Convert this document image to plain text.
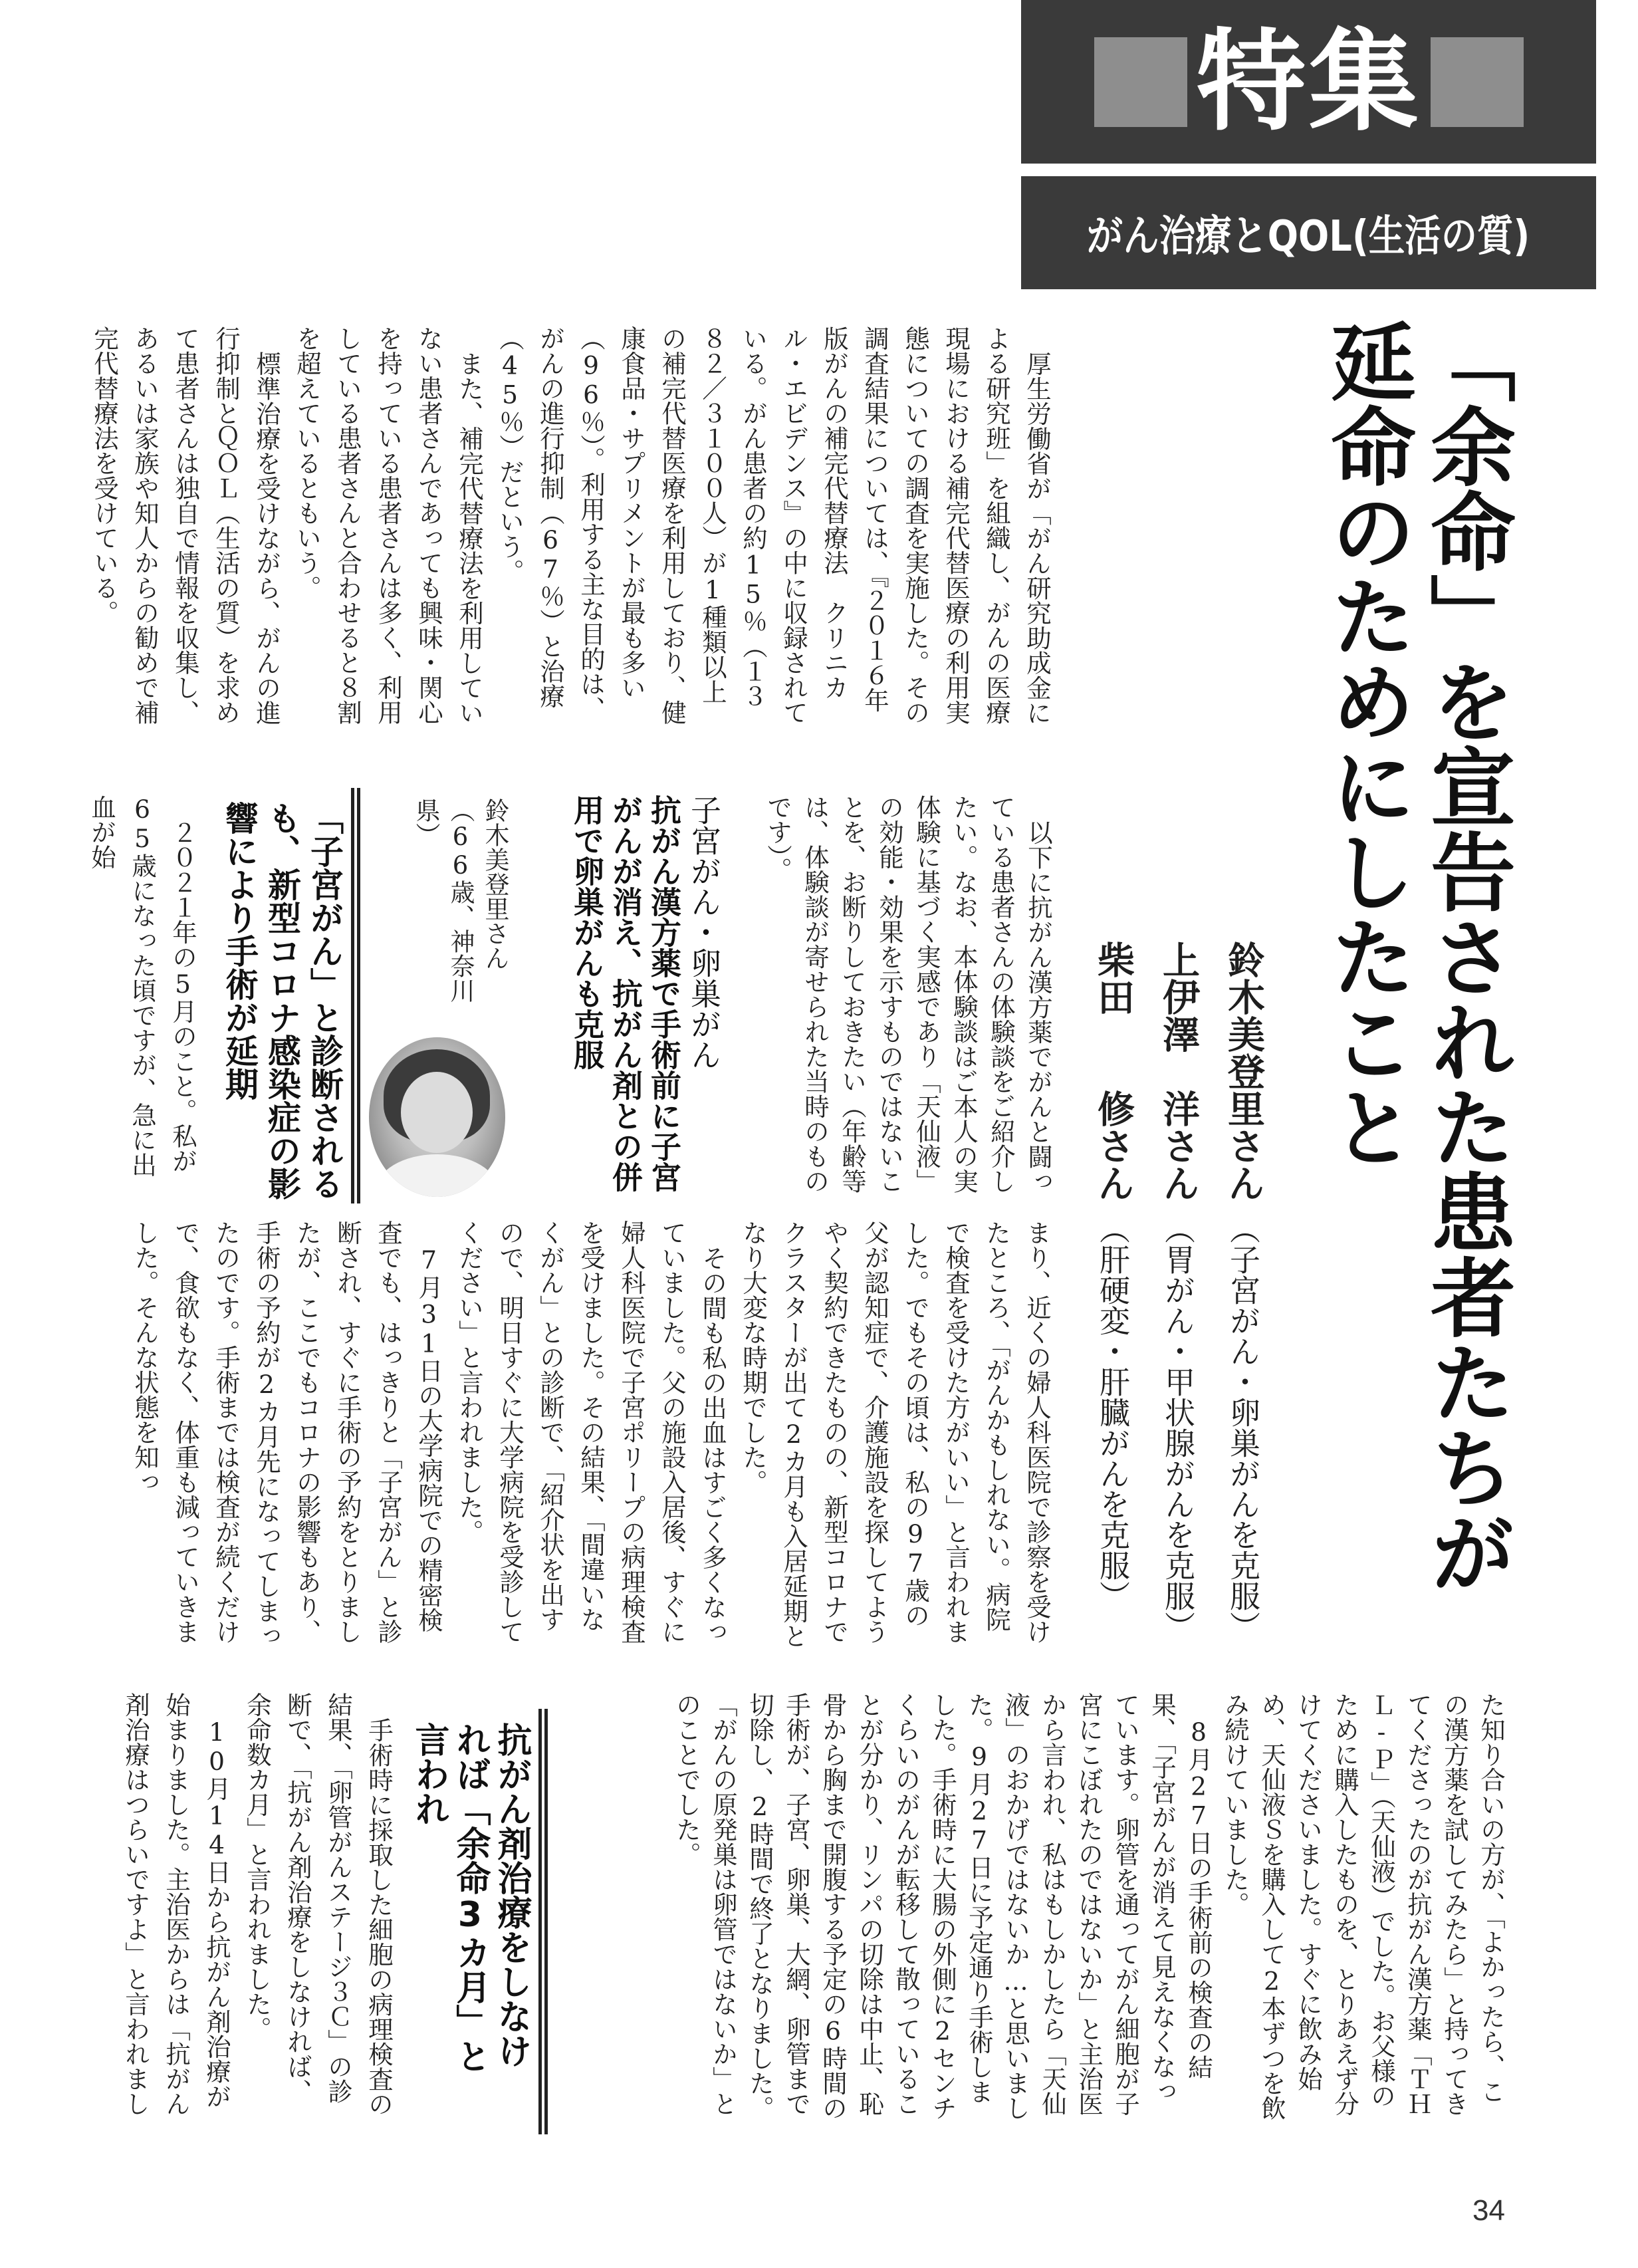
特集
がん治療とQOL(生活の質)
「余命」を宣告された患者たちが
延命のためにしたこと
鈴木美登里さん
（子宮がん・卵巣がんを克服）
上伊澤　洋さん
（胃がん・甲状腺がんを克服）
柴田　　修さん
（肝硬変・肝臓がんを克服）

厚生労働省が「がん研究助成金による研究班」を組織し、がんの医療現場における補完代替医療の利用実態についての調査を実施した。その調査結果については、『２０１６年版がんの補完代替療法　クリニカル・エビデンス』の中に収録されている。がん患者の約15％（１３８２／３１００人）が1種類以上の補完代替医療を利用しており、健康食品・サプリメントが最も多い（96％）。利用する主な目的は、がんの進行抑制（67％）と治療（45％）だという。

また、補完代替療法を利用していない患者さんであっても興味・関心を持っている患者さんは多く、利用している患者さんと合わせると８割を超えているともいう。

標準治療を受けながら、がんの進行抑制とＱＯＬ（生活の質）を求めて患者さんは独自で情報を収集し、あるいは家族や知人からの勧めで補完代替療法を受けている。

以下に抗がん漢方薬でがんと闘っている患者さんの体験談をご紹介したい。なお、本体験談はご本人の実体験に基づく実感であり「天仙液」の効能・効果を示すものではないことを、お断りしておきたい（年齢等は、体験談が寄せられた当時のものです）。

子宮がん・卵巣がん
抗がん漢方薬で手術前に子宮がんが消え、抗がん剤との併用で卵巣がんも克服

鈴木美登里さん

（66歳、神奈川県）

「子宮がん」と診断されるも、新型コロナ感染症の影響により手術が延期

２０２１年の5月のこと。私が65歳になった頃ですが、急に出血が始

まり、近くの婦人科医院で診察を受けたところ、「がんかもしれない。病院で検査を受けた方がいい」と言われました。でもその頃は、私の97歳の父が認知症で、介護施設を探してようやく契約できたものの、新型コロナでクラスターが出て2カ月も入居延期となり大変な時期でした。

その間も私の出血はすごく多くなっていました。父の施設入居後、すぐに婦人科医院で子宮ポリープの病理検査を受けました。その結果、「間違いなくがん」との診断で、「紹介状を出すので、明日すぐに大学病院を受診してください」と言われました。

7月31日の大学病院での精密検査でも、はっきりと「子宮がん」と診断され、すぐに手術の予約をとりましたが、ここでもコロナの影響もあり、手術の予約が2カ月先になってしまったのです。手術までは検査が続くだけで、食欲もなく、体重も減っていきました。そんな状態を知っ

た知り合いの方が、「よかったら、この漢方薬を試してみたら」と持ってきてくださったのが抗がん漢方薬「ＴＨＬ‐Ｐ」（天仙液）でした。お父様のために購入したものを、とりあえず分けてくださいました。すぐに飲み始め、天仙液Ｓを購入して2本ずつを飲み続けていました。

8月27日の手術前の検査の結果、「子宮がんが消えて見えなくなっています。卵管を通ってがん細胞が子宮にこぼれたのではないか」と主治医から言われ、私はもしかしたら「天仙液」のおかげではないか…と思いました。9月27日に予定通り手術しました。手術時に大腸の外側に2センチくらいのがんが転移して散っていることが分かり、リンパの切除は中止、恥骨から胸まで開腹する予定の6時間の手術が、子宮、卵巣、大網、卵管まで切除し、2時間で終了となりました。「がんの原発巣は卵管ではないか」とのことでした。

抗がん剤治療をしなければ「余命3カ月」と言われ

手術時に採取した細胞の病理検査の結果、「卵管がんステージ３Ｃ」の診断で、「抗がん剤治療をしなければ、余命数カ月」と言われました。

10月14日から抗がん剤治療が始まりました。主治医からは「抗がん剤治療はつらいですよ」と言われまし

34
